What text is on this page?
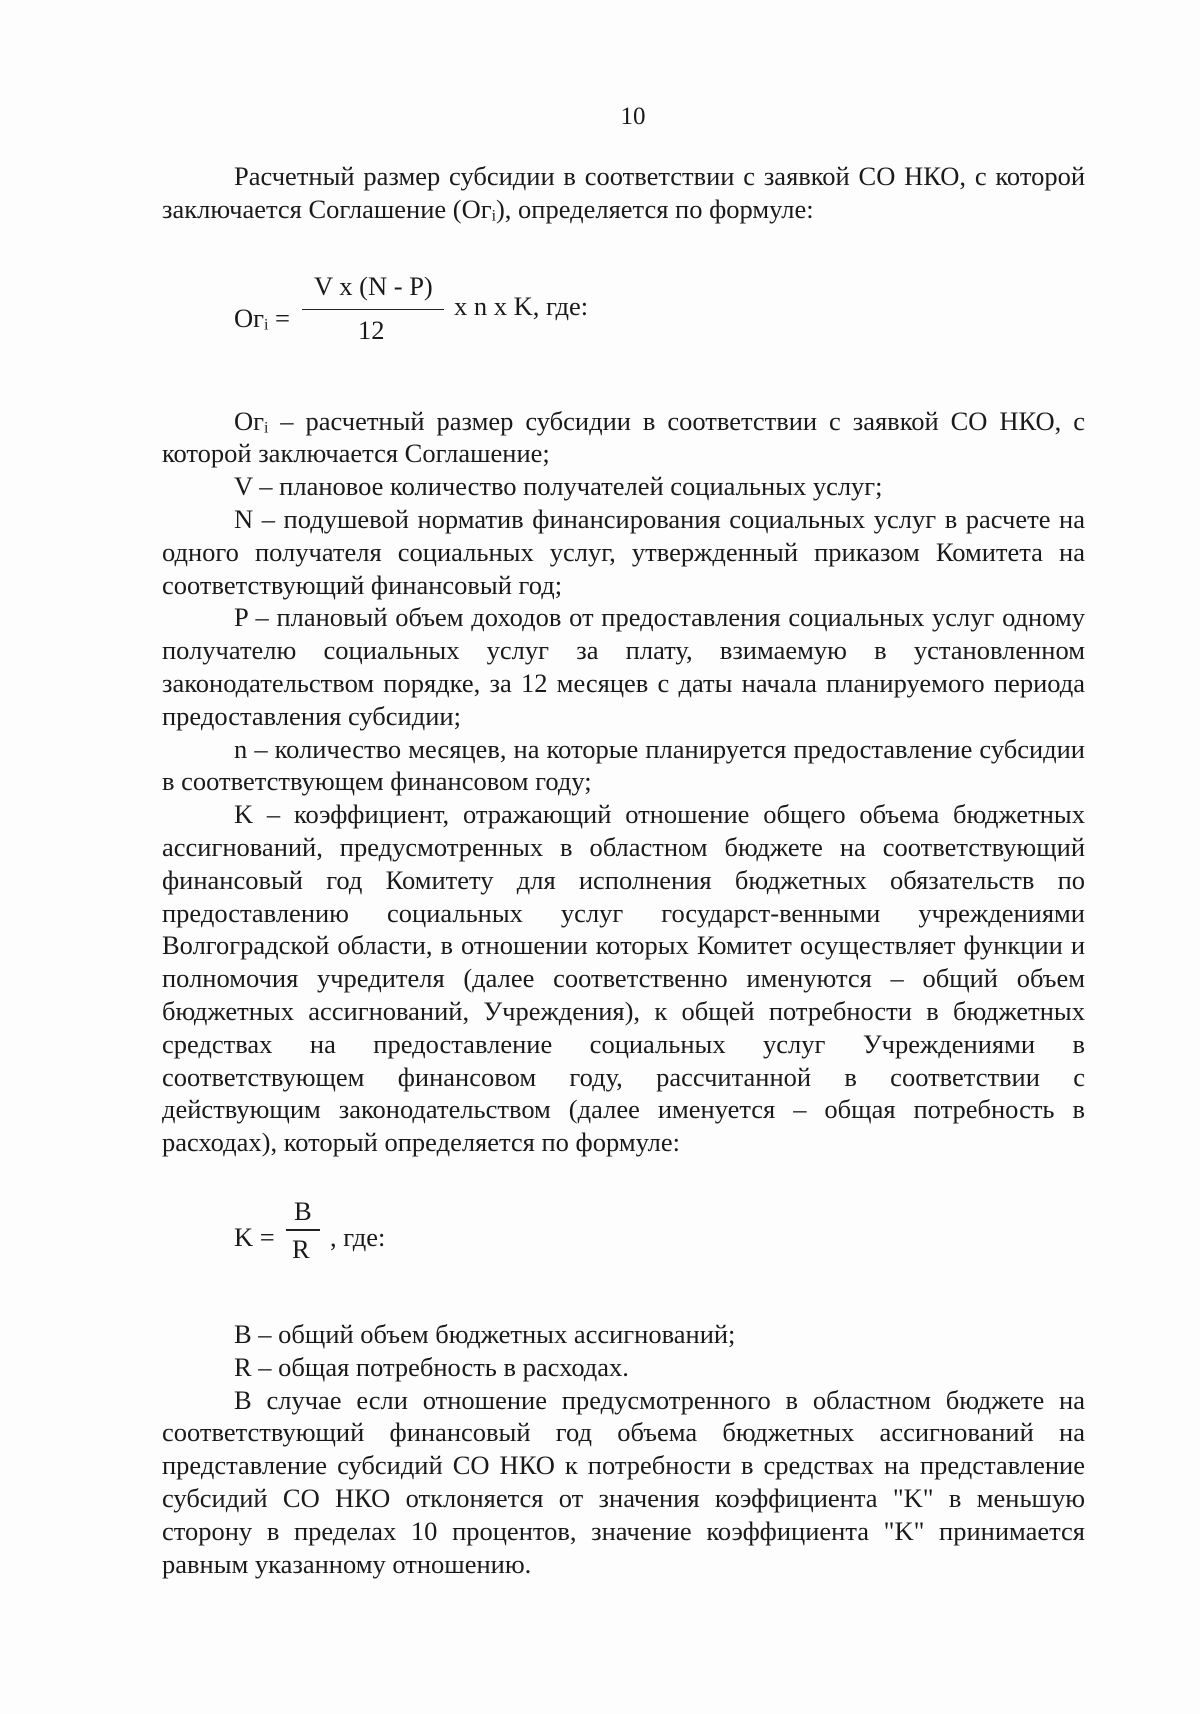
10

Расчетный размер субсидии в соответствии с заявкой СО НКО, с которой заключается Соглашение (Огᵢ), определяется по формуле:

Огᵢ =
V x (N - P)
12
x n x K, где:

Огᵢ – расчетный размер субсидии в соответствии с заявкой СО НКО, с которой заключается Соглашение;

V – плановое количество получателей социальных услуг;

N – подушевой норматив финансирования социальных услуг в расчете на одного получателя социальных услуг, утвержденный приказом Комитета на соответствующий финансовый год;

P – плановый объем доходов от предоставления социальных услуг одному получателю социальных услуг за плату, взимаемую в установленном законодательством порядке, за 12 месяцев с даты начала планируемого периода предоставления субсидии;

n – количество месяцев, на которые планируется предоставление субсидии в соответствующем финансовом году;

K – коэффициент, отражающий отношение общего объема бюджетных ассигнований, предусмотренных в областном бюджете на соответствующий финансовый год Комитету для исполнения бюджетных обязательств по предоставлению социальных услуг государст-венными учреждениями Волгоградской области, в отношении которых Комитет осуществляет функции и полномочия учредителя (далее соответственно именуются – общий объем бюджетных ассигнований, Учреждения), к общей потребности в бюджетных средствах на предоставление социальных услуг Учреждениями в соответствующем финансовом году, рассчитанной в соответствии с действующим законодательством (далее именуется – общая потребность в расходах), который определяется по формуле:

K =
B
R , где:

B – общий объем бюджетных ассигнований;

R – общая потребность в расходах.

В случае если отношение предусмотренного в областном бюджете на соответствующий финансовый год объема бюджетных ассигнований на представление субсидий СО НКО к потребности в средствах на представление субсидий СО НКО отклоняется от значения коэффициента "K" в меньшую сторону в пределах 10 процентов, значение коэффициента "K" принимается равным указанному отношению.
